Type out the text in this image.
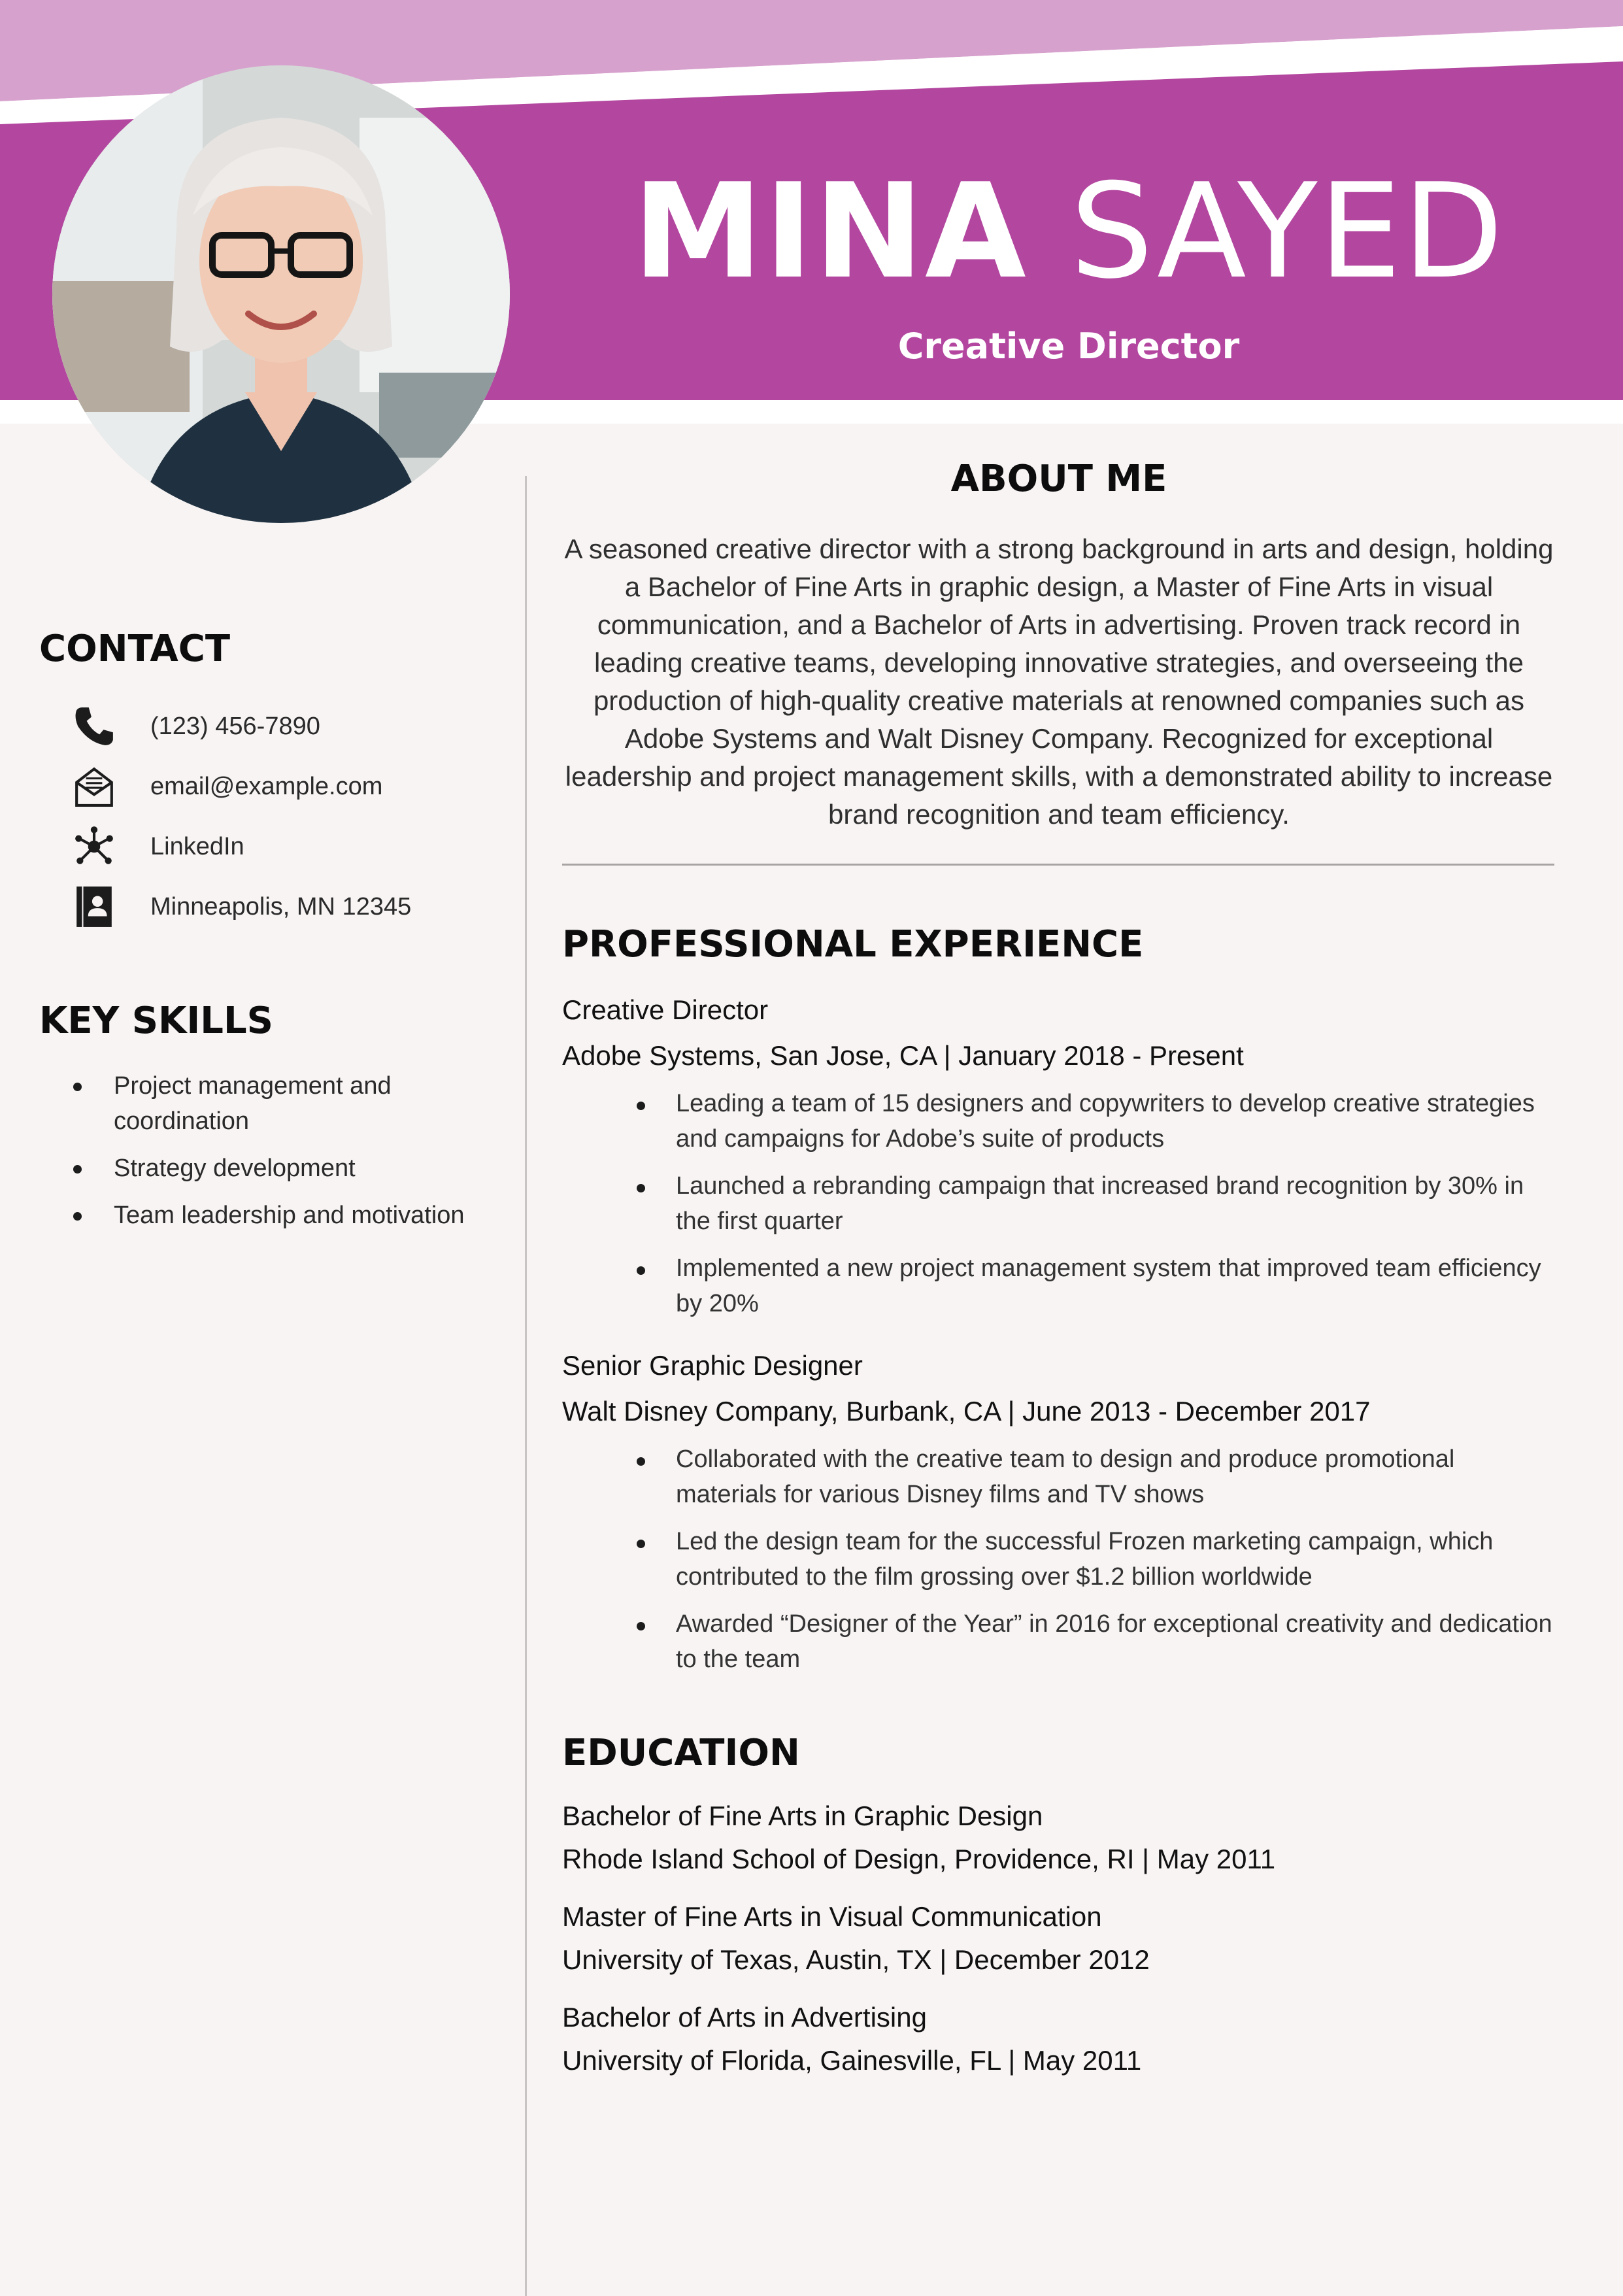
MINA SAYED
Creative Director
CONTACT
(123) 456-7890
email@example.com
LinkedIn
Minneapolis, MN 12345
KEY SKILLS
Project management and coordination
Strategy development
Team leadership and motivation
ABOUT ME

A seasoned creative director with a strong background in arts and design, holding a Bachelor of Fine Arts in graphic design, a Master of Fine Arts in visual communication, and a Bachelor of Arts in advertising. Proven track record in leading creative teams, developing innovative strategies, and overseeing the production of high-quality creative materials at renowned companies such as Adobe Systems and Walt Disney Company. Recognized for exceptional leadership and project management skills, with a demonstrated ability to increase brand recognition and team efficiency.

PROFESSIONAL EXPERIENCE
Creative Director
Adobe Systems, San Jose, CA | January 2018 - Present
Leading a team of 15 designers and copywriters to develop creative strategies and campaigns for Adobe’s suite of products
Launched a rebranding campaign that increased brand recognition by 30% in the first quarter
Implemented a new project management system that improved team efficiency by 20%
Senior Graphic Designer
Walt Disney Company, Burbank, CA | June 2013 - December 2017
Collaborated with the creative team to design and produce promotional materials for various Disney films and TV shows
Led the design team for the successful Frozen marketing campaign, which contributed to the film grossing over $1.2 billion worldwide
Awarded “Designer of the Year” in 2016 for exceptional creativity and dedication to the team
EDUCATION
Bachelor of Fine Arts in Graphic Design
Rhode Island School of Design, Providence, RI | May 2011
Master of Fine Arts in Visual Communication
University of Texas, Austin, TX | December 2012
Bachelor of Arts in Advertising
University of Florida, Gainesville, FL | May 2011
